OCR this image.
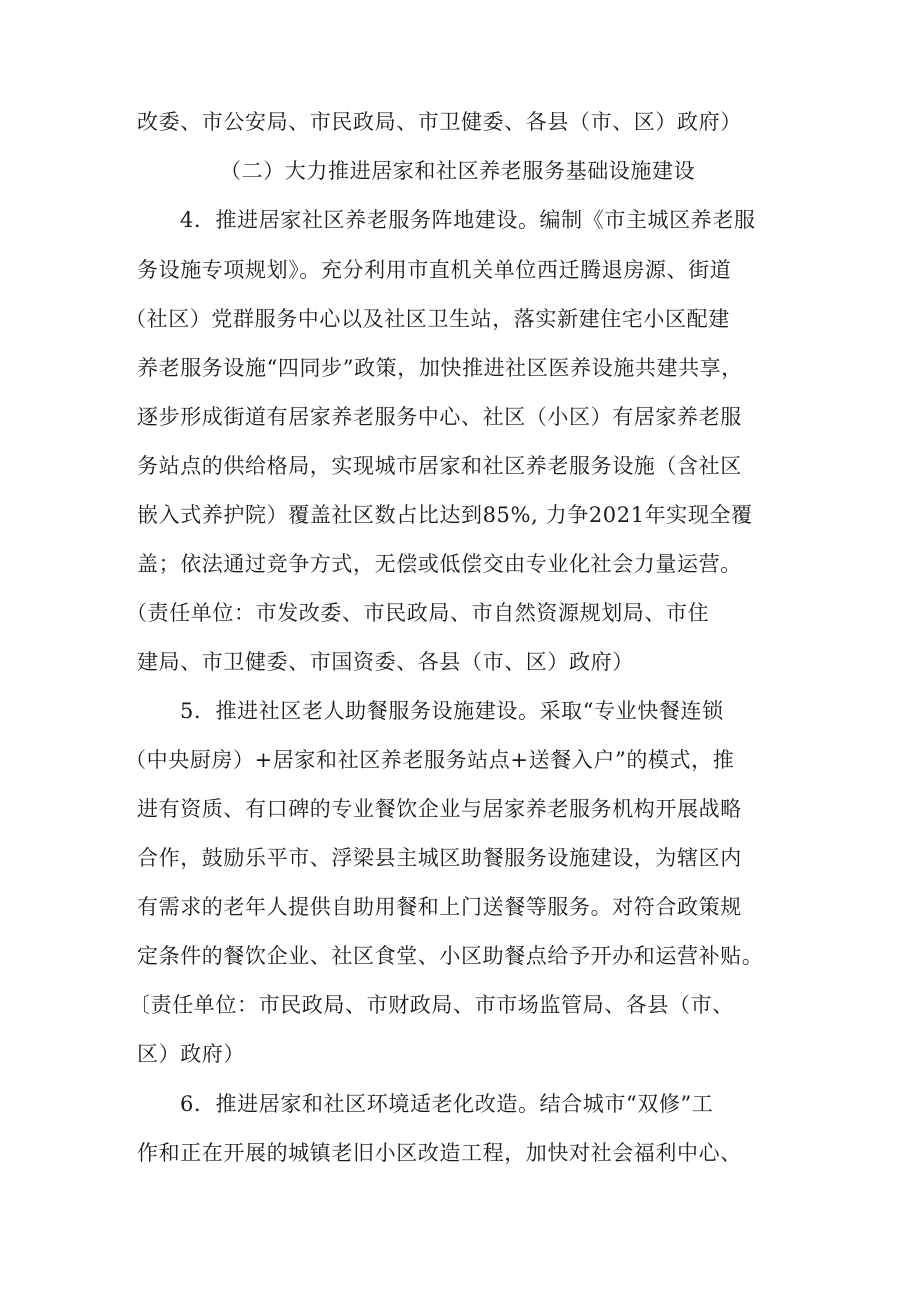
改委、市公安局、市民政局、市卫健委、各县（市、区）政府）
（二）大力推进居家和社区养老服务基础设施建设
4．推进居家社区养老服务阵地建设。编制《市主城区养老服
务设施专项规划》。充分利用市直机关单位西迁腾退房源、街道
（社区）党群服务中心以及社区卫生站，落实新建住宅小区配建
养老服务设施“四同步”政策，加快推进社区医养设施共建共享，
逐步形成街道有居家养老服务中心、社区（小区）有居家养老服
务站点的供给格局，实现城市居家和社区养老服务设施（含社区
嵌入式养护院）覆盖社区数占比达到85%, 力争2021年实现全覆
盖；依法通过竞争方式，无偿或低偿交由专业化社会力量运营。
（责任单位：市发改委、市民政局、市自然资源规划局、市住
建局、市卫健委、市国资委、各县（市、区）政府）
5．推进社区老人助餐服务设施建设。采取“专业快餐连锁
（中央厨房）+居家和社区养老服务站点+送餐入户”的模式，推
进有资质、有口碑的专业餐饮企业与居家养老服务机构开展战略
合作，鼓励乐平市、浮梁县主城区助餐服务设施建设，为辖区内
有需求的老年人提供自助用餐和上门送餐等服务。对符合政策规
定条件的餐饮企业、社区食堂、小区助餐点给予开办和运营补贴。
〔责任单位：市民政局、市财政局、市市场监管局、各县（市、
区）政府）
6．推进居家和社区环境适老化改造。结合城市“双修”工
作和正在开展的城镇老旧小区改造工程，加快对社会福利中心、
